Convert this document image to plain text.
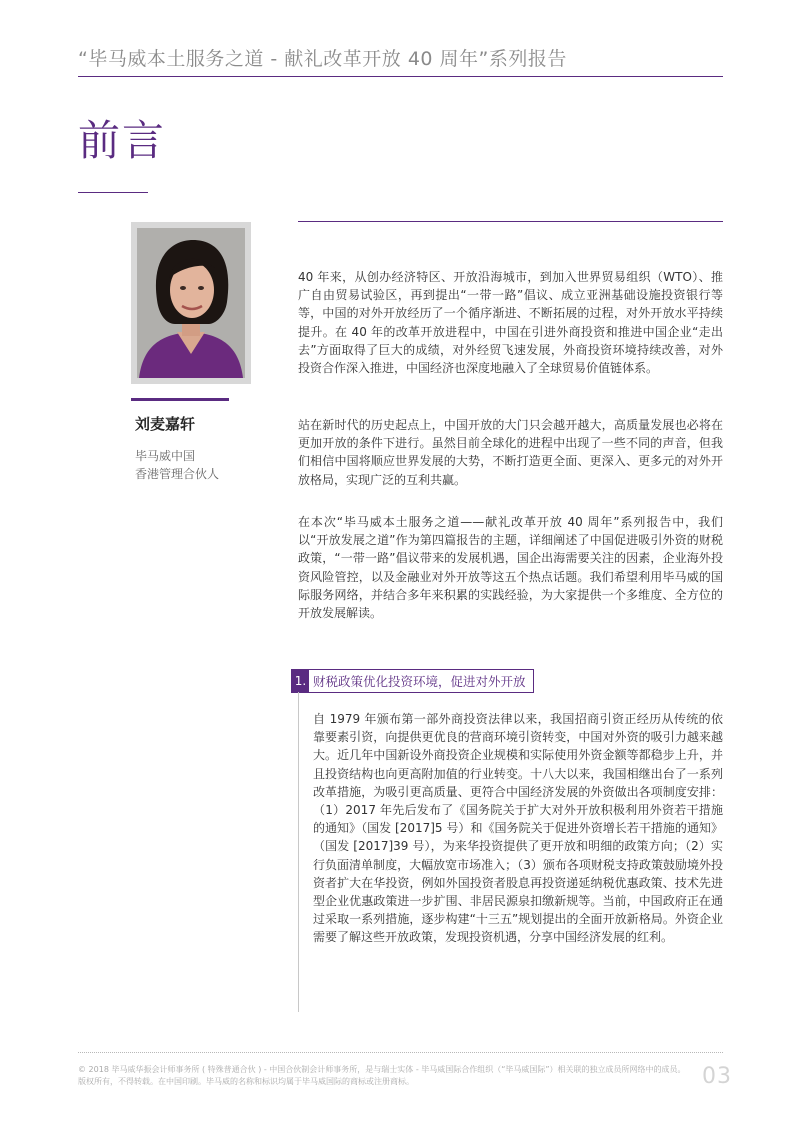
“毕马威本土服务之道 - 献礼改革开放 40 周年”系列报告
前言
刘麦嘉轩
毕马威中国
香港管理合伙人

40 年来，从创办经济特区、开放沿海城市，到加入世界贸易组织（WTO）、推广自由贸易试验区，再到提出“一带一路”倡议、成立亚洲基础设施投资银行等等，中国的对外开放经历了一个循序渐进、不断拓展的过程，对外开放水平持续提升。在 40 年的改革开放进程中，中国在引进外商投资和推进中国企业“走出去”方面取得了巨大的成绩，对外经贸飞速发展，外商投资环境持续改善，对外投资合作深入推进，中国经济也深度地融入了全球贸易价值链体系。

站在新时代的历史起点上，中国开放的大门只会越开越大，高质量发展也必将在更加开放的条件下进行。虽然目前全球化的进程中出现了一些不同的声音，但我们相信中国将顺应世界发展的大势，不断打造更全面、更深入、更多元的对外开放格局，实现广泛的互利共赢。

在本次“毕马威本土服务之道——献礼改革开放 40 周年”系列报告中，我们以“开放发展之道”作为第四篇报告的主题，详细阐述了中国促进吸引外资的财税政策，“一带一路”倡议带来的发展机遇，国企出海需要关注的因素，企业海外投资风险管控，以及金融业对外开放等这五个热点话题。我们希望利用毕马威的国际服务网络，并结合多年来积累的实践经验，为大家提供一个多维度、全方位的开放发展解读。

1. 财税政策优化投资环境，促进对外开放
自 1979 年颁布第一部外商投资法律以来，我国招商引资正经历从传统的依靠要素引资，向提供更优良的营商环境引资转变，中国对外资的吸引力越来越大。近几年中国新设外商投资企业规模和实际使用外资金额等都稳步上升，并且投资结构也向更高附加值的行业转变。十八大以来，我国相继出台了一系列改革措施，为吸引更高质量、更符合中国经济发展的外资做出各项制度安排：（1）2017 年先后发布了《国务院关于扩大对外开放积极利用外资若干措施的通知》（国发 [2017]5 号）和《国务院关于促进外资增长若干措施的通知》（国发 [2017]39 号），为来华投资提供了更开放和明细的政策方向；（2）实行负面清单制度，大幅放宽市场准入；（3）颁布各项财税支持政策鼓励境外投资者扩大在华投资，例如外国投资者股息再投资递延纳税优惠政策、技术先进型企业优惠政策进一步扩围、非居民源泉扣缴新规等。当前，中国政府正在通过采取一系列措施，逐步构建“十三五”规划提出的全面开放新格局。外资企业需要了解这些开放政策，发现投资机遇，分享中国经济发展的红利。
© 2018 毕马威华振会计师事务所 ( 特殊普通合伙 ) - 中国合伙制会计师事务所，是与瑞士实体 - 毕马威国际合作组织（“毕马威国际”）相关联的独立成员所网络中的成员。版权所有，不得转载。在中国印刷。毕马威的名称和标识均属于毕马威国际的商标或注册商标。	03
